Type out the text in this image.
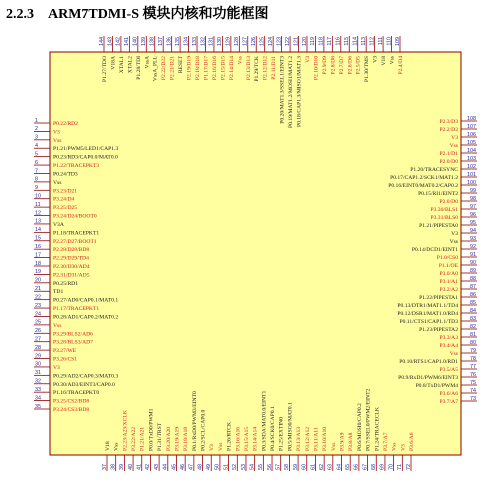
2.2.3 ARM7TDMI-S 模块内核和功能框图
P0.22/RD2
V3
Vss
P1.21/PWM5/LED1/CAP1.3
P0.23/RD3/CAP0.0/MAT0.0
P1.22/TRACEPKT3
P0.24/TD3
Vss
P3.23/D21
P3.24/D4
P3.25/D25
P3.24/D24/BOOT0
V3A
P1.18/TRACEPKT1
P2.27/D27/BOOT1
P2.28/D28/BD8
P2.29/D29/TD4
P2.30/D30/AD4
P2.31/D31/AD5
P0.25/RD1
TD1
P0.27/AD0/CAP0.1/MAT0.1
P1.17/TRACEPKT1
P0.28/AD1/CAP0.2/MAT0.2
Vss
P3.29/BLS2/AD6
P3.28/BLS3/AD7
P3.27/WE
P3.26/CS1
V3
P0.29/AD2/CAP0.3/MAT0.3
P0.30/AD3/EINT3/CAP0.0
P1.16/TRACEPKT0
P3.25/CS2/BD8
P3.24/CS3/BD8
P2.3/D3
P2.2/D2
V3
Vss
P2.1/D1
P2.0/D0
P1.20/TRACESYNC
P0.17/CAP1.2/SCK1/MAT1.2
P0.16/EINT0/MAT0.2/CAP0.2
P0.15/RI1/EINT2
P2.0/D0
P3.30/BLS1
P3.31/BLS0
P1.21/PIPESTA0
V3
Vss
P0.14/DCD1/EINT1
P1.0/CS0
P1.1/OE
P3.0/A0
P3.1/A1
P3.2/A2
P1.22/PIPESTA1
P0.13/DTR1/MAT1.1/TD4
P0.12/DSR1/MAT1.0/RD4
P0.11/CTS1/CAP1.1/TD3
P1.23/PIPESTA2
P3.3/A3
P3.4/A4
Vss
P0.10/RTS1/CAP1.0/RD1
P3.5/A5
P0.9/RxD1/PWM6/EINT3
P0.8/TxD1/PWM4
P3.6/A6
P3.7/A7
P1.27/TDO V18A XTAL1 XTAL2 P1.28/TDI VssA VssA_PLL P2.22/D22 P2.21/D21 RESET P2.19/D19 P2.18/D18 P1.17/D17 P2.16/D16 P2.15/D15 P2.14/D14 Vss P2.13/D13 P1.29/TCK P2.12/D12 P2.11/D11 P0.20/MAT1.3/SSEL1/EINT3 P0.19/MAT1.2/MOSI1/MAT1.2 P0.18/CAP1.3/MISO1/MAT1.3 V3 P2.10/D10 P2.9/D9 P2.8/D8 P2.7/D7 P2.6/D6 P2.5/D5 P1.30/TMS V3 V18 Vss P2.4/D4
V18 Vss P2.23/A23/XCLK P3.22/A22 P1.21/A21 P0.0/TxD0/PWM1 P1.31/TRST P3.20/A20 P3.19/A19 P3.18/A18 P0.1/RxD0/PWM3/EINT0 P0.2/SCL/CAP0.0 V3 Vss P1.26/RTCK P3.16/A16 P3.15/A15 P3.14/A14 P0.3/SDA/MAT0.0/EINT1 P0.4/SCK0/CAP0.1 P1.25/EXTIN0 P0.5/MISO0/MAT0.1 P3.13/A13 P3.12/A12 P3.11/A11 P3.10/A10 Vss P3.9/A9 P3.8/A8 P0.6/MOSI0/CAP0.2 P0.7/SSEL0/PWM2/EINT2 P1.24/TRACECLK P3.7/A7 Vss V3 P3.6/A6
1
2
3
4
5
6
7
8
9
10
11
12
13
14
15
16
17
18
19
20
21
22
23
24
25
26
27
28
29
30
31
32
33
34
35
108
107
106
105
104
103
102
101
100
99
98
97
96
95
94
93
92
91
90
89
88
87
86
85
84
83
82
81
80
79
78
77
76
75
74
73
144 143 142 141 140 139 138 137 136 135 134 133 132 131 130 129 128 127 126 125 124 123 122 121 120 119 118 117 116 115 114 113 112 111 110 109
37 38 39 40 41 42 43 44 45 46 47 48 49 50 51 52 53 54 55 56 57 58 59 60 61 62 63 64 65 66 67 68 69 70 71 72
